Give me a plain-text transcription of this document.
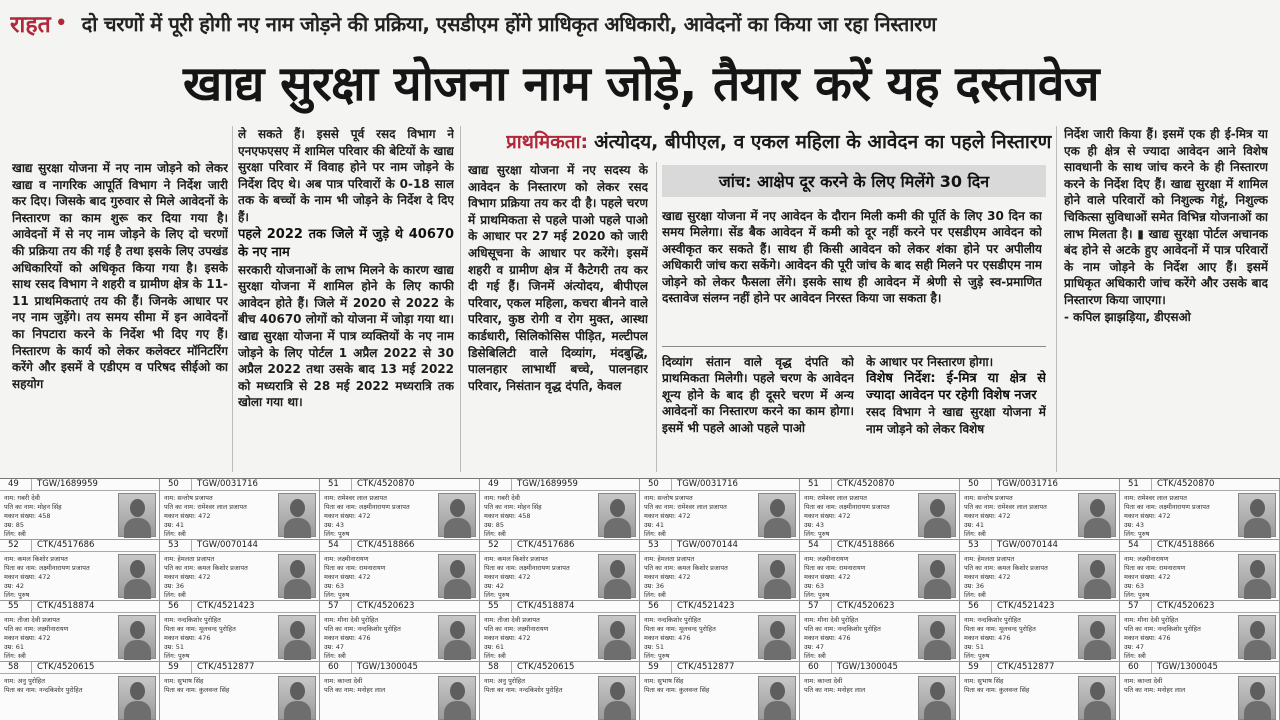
राहत • दो चरणों में पूरी होगी नए नाम जोड़ने की प्रक्रिया, एसडीएम होंगे प्राधिकृत अधिकारी, आवेदनों का किया जा रहा निस्तारण
खाद्य सुरक्षा योजना नाम जोड़े, तैयार करें यह दस्तावेज
खाद्य सुरक्षा योजना में नए नाम जोड़ने को लेकर खाद्य व नागरिक आपूर्ति विभाग ने निर्देश जारी कर दिए। जिसके बाद गुरुवार से मिले आवेदनों के निस्तारण का काम शुरू कर दिया गया है। आवेदनों में से नए नाम जोड़ने के लिए दो चरणों की प्रक्रिया तय की गई है तथा इसके लिए उपखंड अधिकारियों को अधिकृत किया गया है। इसके साथ रसद विभाग ने शहरी व ग्रामीण क्षेत्र के 11-11 प्राथमिकताएं तय की हैं। जिनके आधार पर नए नाम जुड़ेंगे। तय समय सीमा में इन आवेदनों का निपटारा करने के निर्देश भी दिए गए हैं। निस्तारण के कार्य को लेकर कलेक्टर मॉनिटरिंग करेंगे और इसमें वे एडीएम व परिषद सीईओ का सहयोग
ले सकते हैं। इससे पूर्व रसद विभाग ने एनएफएसए में शामिल परिवार की बेटियों के खाद्य सुरक्षा परिवार में विवाह होने पर नाम जोड़ने के निर्देश दिए थे। अब पात्र परिवारों के 0-18 साल तक के बच्चों के नाम भी जोड़ने के निर्देश दे दिए हैं।
पहले 2022 तक जिले में जुड़े थे 40670 के नए नाम
सरकारी योजनाओं के लाभ मिलने के कारण खाद्य सुरक्षा योजना में शामिल होने के लिए काफी आवेदन होते हैं। जिले में 2020 से 2022 के बीच 40670 लोगों को योजना में जोड़ा गया था। खाद्य सुरक्षा योजना में पात्र व्यक्तियों के नए नाम जोड़ने के लिए पोर्टल 1 अप्रैल 2022 से 30 अप्रैल 2022 तथा उसके बाद 13 मई 2022 को मध्यरात्रि से 28 मई 2022 मध्यरात्रि तक खोला गया था।
प्राथमिकता: अंत्योदय, बीपीएल, व एकल महिला के आवेदन का पहले निस्तारण
खाद्य सुरक्षा योजना में नए सदस्य के आवेदन के निस्तारण को लेकर रसद विभाग प्रक्रिया तय कर दी है। पहले चरण में प्राथमिकता से पहले पाओ पहले पाओ के आधार पर 27 मई 2020 को जारी अधिसूचना के आधार पर करेंगे। इसमें शहरी व ग्रामीण क्षेत्र में कैटेगरी तय कर दी गई हैं। जिनमें अंत्योदय, बीपीएल परिवार, एकल महिला, कचरा बीनने वाले परिवार, कुष्ठ रोगी व रोग मुक्त, आस्था कार्डधारी, सिलिकोसिस पीड़ित, मल्टीपल डिसेबिलिटी वाले दिव्यांग, मंदबुद्धि, पालनहार लाभार्थी बच्चे, पालनहार परिवार, निसंतान वृद्ध दंपति, केवल
जांच: आक्षेप दूर करने के लिए मिलेंगे 30 दिन
खाद्य सुरक्षा योजना में नए आवेदन के दौरान मिली कमी की पूर्ति के लिए 30 दिन का समय मिलेगा। सेंड बैक आवेदन में कमी को दूर नहीं करने पर एसडीएम आवेदन को अस्वीकृत कर सकते हैं। साथ ही किसी आवेदन को लेकर शंका होने पर अपीलीय अधिकारी जांच करा सकेंगे। आवेदन की पूरी जांच के बाद सही मिलने पर एसडीएम नाम जोड़ने को लेकर फैसला लेंगे। इसके साथ ही आवेदन में श्रेणी से जुड़े स्व-प्रमाणित दस्तावेज संलग्न नहीं होने पर आवेदन निरस्त किया जा सकता है।
दिव्यांग संतान वाले वृद्ध दंपति को प्राथमिकता मिलेगी। पहले चरण के आवेदन शून्य होने के बाद ही दूसरे चरण में अन्य आवेदनों का निस्तारण करने का काम होगा। इसमें भी पहले आओ पहले पाओ
के आधार पर निस्तारण होगा।
विशेष निर्देश: ई-मित्र या क्षेत्र से ज्यादा आवेदन पर रहेगी विशेष नजर
रसद विभाग ने खाद्य सुरक्षा योजना में नाम जोड़ने को लेकर विशेष
निर्देश जारी किया हैं। इसमें एक ही ई-मित्र या एक ही क्षेत्र से ज्यादा आवेदन आने विशेष सावधानी के साथ जांच करने के ही निस्तारण करने के निर्देश दिए हैं। खाद्य सुरक्षा में शामिल होने वाले परिवारों को निशुल्क गेहूं, निशुल्क चिकित्सा सुविधाओं समेत विभिन्न योजनाओं का लाभ मिलता है। ▮ खाद्य सुरक्षा पोर्टल अचानक बंद होने से अटके हुए आवेदनों में पात्र परिवारों के नाम जोड़ने के निर्देश आए हैं। इसमें प्राधिकृत अधिकारी जांच करेंगे और उसके बाद निस्तारण किया जाएगा।
- कपिल झाझड़िया, डीएसओ
49	TGW/1689959
नाम: गबरी देवी
पति का नाम: मोहन सिंह
मकान संख्या: 458
उम्र: 85
लिंग: स्त्री
50	TGW/0031716
नाम: सन्तोष प्रजापत
पति का नाम: रामेश्वर लाल प्रजापत
मकान संख्या: 472
उम्र: 41
लिंग: स्त्री
51	CTK/4520870
नाम: रामेश्वर लाल प्रजापत
पिता का नाम: लक्ष्मीनारायण प्रजापत
मकान संख्या: 472
उम्र: 43
लिंग: पुरुष
49	TGW/1689959
नाम: गबरी देवी
पति का नाम: मोहन सिंह
मकान संख्या: 458
उम्र: 85
लिंग: स्त्री
50	TGW/0031716
नाम: सन्तोष प्रजापत
पति का नाम: रामेश्वर लाल प्रजापत
मकान संख्या: 472
उम्र: 41
लिंग: स्त्री
51	CTK/4520870
नाम: रामेश्वर लाल प्रजापत
पिता का नाम: लक्ष्मीनारायण प्रजापत
मकान संख्या: 472
उम्र: 43
लिंग: पुरुष
50	TGW/0031716
नाम: सन्तोष प्रजापत
पति का नाम: रामेश्वर लाल प्रजापत
मकान संख्या: 472
उम्र: 41
लिंग: स्त्री
51	CTK/4520870
नाम: रामेश्वर लाल प्रजापत
पिता का नाम: लक्ष्मीनारायण प्रजापत
मकान संख्या: 472
उम्र: 43
लिंग: पुरुष
52	CTK/4517686
नाम: कमल किशोर प्रजापत
पिता का नाम: लक्ष्मीनारायण प्रजापत
मकान संख्या: 472
उम्र: 42
लिंग: पुरुष
53	TGW/0070144
नाम: हेमलता प्रजापत
पति का नाम: कमल किशोर प्रजापत
मकान संख्या: 472
उम्र: 36
लिंग: स्त्री
54	CTK/4518866
नाम: लक्ष्मीनारायण
पिता का नाम: रामनारायण
मकान संख्या: 472
उम्र: 63
लिंग: पुरुष
52	CTK/4517686
नाम: कमल किशोर प्रजापत
पिता का नाम: लक्ष्मीनारायण प्रजापत
मकान संख्या: 472
उम्र: 42
लिंग: पुरुष
53	TGW/0070144
नाम: हेमलता प्रजापत
पति का नाम: कमल किशोर प्रजापत
मकान संख्या: 472
उम्र: 36
लिंग: स्त्री
54	CTK/4518866
नाम: लक्ष्मीनारायण
पिता का नाम: रामनारायण
मकान संख्या: 472
उम्र: 63
लिंग: पुरुष
53	TGW/0070144
नाम: हेमलता प्रजापत
पति का नाम: कमल किशोर प्रजापत
मकान संख्या: 472
उम्र: 36
लिंग: स्त्री
54	CTK/4518866
नाम: लक्ष्मीनारायण
पिता का नाम: रामनारायण
मकान संख्या: 472
उम्र: 63
लिंग: पुरुष
55	CTK/4518874
नाम: तीजा देवी प्रजापत
पति का नाम: लक्ष्मीनारायण
मकान संख्या: 472
उम्र: 61
लिंग: स्त्री
56	CTK/4521423
नाम: नन्दकिशोर पुरोहित
पिता का नाम: मूलचन्द पुरोहित
मकान संख्या: 476
उम्र: 51
लिंग: पुरुष
57	CTK/4520623
नाम: मीना देवी पुरोहित
पति का नाम: नन्दकिशोर पुरोहित
मकान संख्या: 476
उम्र: 47
लिंग: स्त्री
55	CTK/4518874
नाम: तीजा देवी प्रजापत
पति का नाम: लक्ष्मीनारायण
मकान संख्या: 472
उम्र: 61
लिंग: स्त्री
56	CTK/4521423
नाम: नन्दकिशोर पुरोहित
पिता का नाम: मूलचन्द पुरोहित
मकान संख्या: 476
उम्र: 51
लिंग: पुरुष
57	CTK/4520623
नाम: मीना देवी पुरोहित
पति का नाम: नन्दकिशोर पुरोहित
मकान संख्या: 476
उम्र: 47
लिंग: स्त्री
56	CTK/4521423
नाम: नन्दकिशोर पुरोहित
पिता का नाम: मूलचन्द पुरोहित
मकान संख्या: 476
उम्र: 51
लिंग: पुरुष
57	CTK/4520623
नाम: मीना देवी पुरोहित
पति का नाम: नन्दकिशोर पुरोहित
मकान संख्या: 476
उम्र: 47
लिंग: स्त्री
58	CTK/4520615
नाम: अनु पुरोहित
पिता का नाम: नन्दकिशोर पुरोहित
59	CTK/4512877
नाम: सुभाष सिंह
पिता का नाम: कुलवन्त सिंह
60	TGW/1300045
नाम: कान्ता देवी
पति का नाम: मनोहर लाल
58	CTK/4520615
नाम: अनु पुरोहित
पिता का नाम: नन्दकिशोर पुरोहित
59	CTK/4512877
नाम: सुभाष सिंह
पिता का नाम: कुलवन्त सिंह
60	TGW/1300045
नाम: कान्ता देवी
पति का नाम: मनोहर लाल
59	CTK/4512877
नाम: सुभाष सिंह
पिता का नाम: कुलवन्त सिंह
60	TGW/1300045
नाम: कान्ता देवी
पति का नाम: मनोहर लाल
